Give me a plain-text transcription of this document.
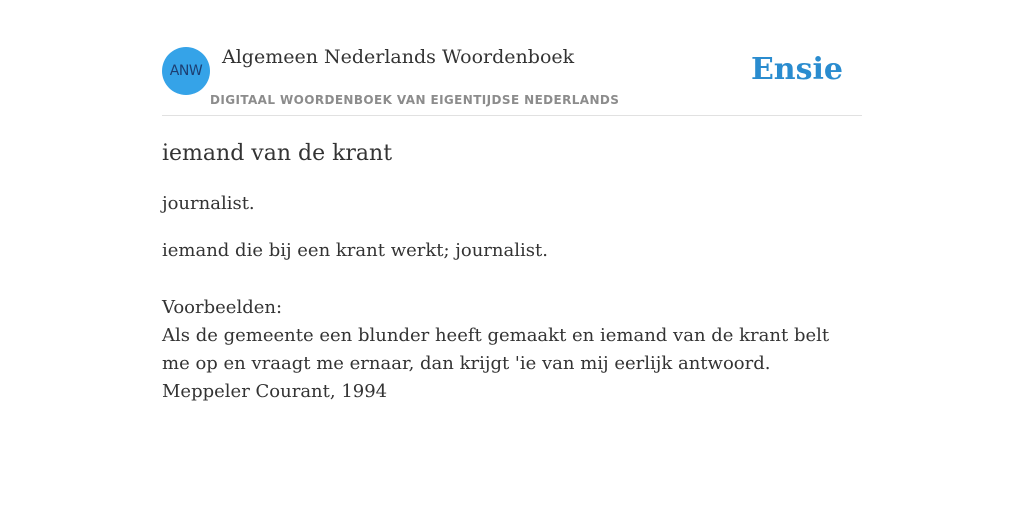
ANW
Algemeen Nederlands Woordenboek
DIGITAAL WOORDENBOEK VAN EIGENTIJDSE NEDERLANDS
Ensie
iemand van de krant

journalist.

iemand die bij een krant werkt; journalist.

Voorbeelden:
Als de gemeente een blunder heeft gemaakt en iemand van de krant belt me op en vraagt me ernaar, dan krijgt 'ie van mij eerlijk antwoord.
Meppeler Courant, 1994
